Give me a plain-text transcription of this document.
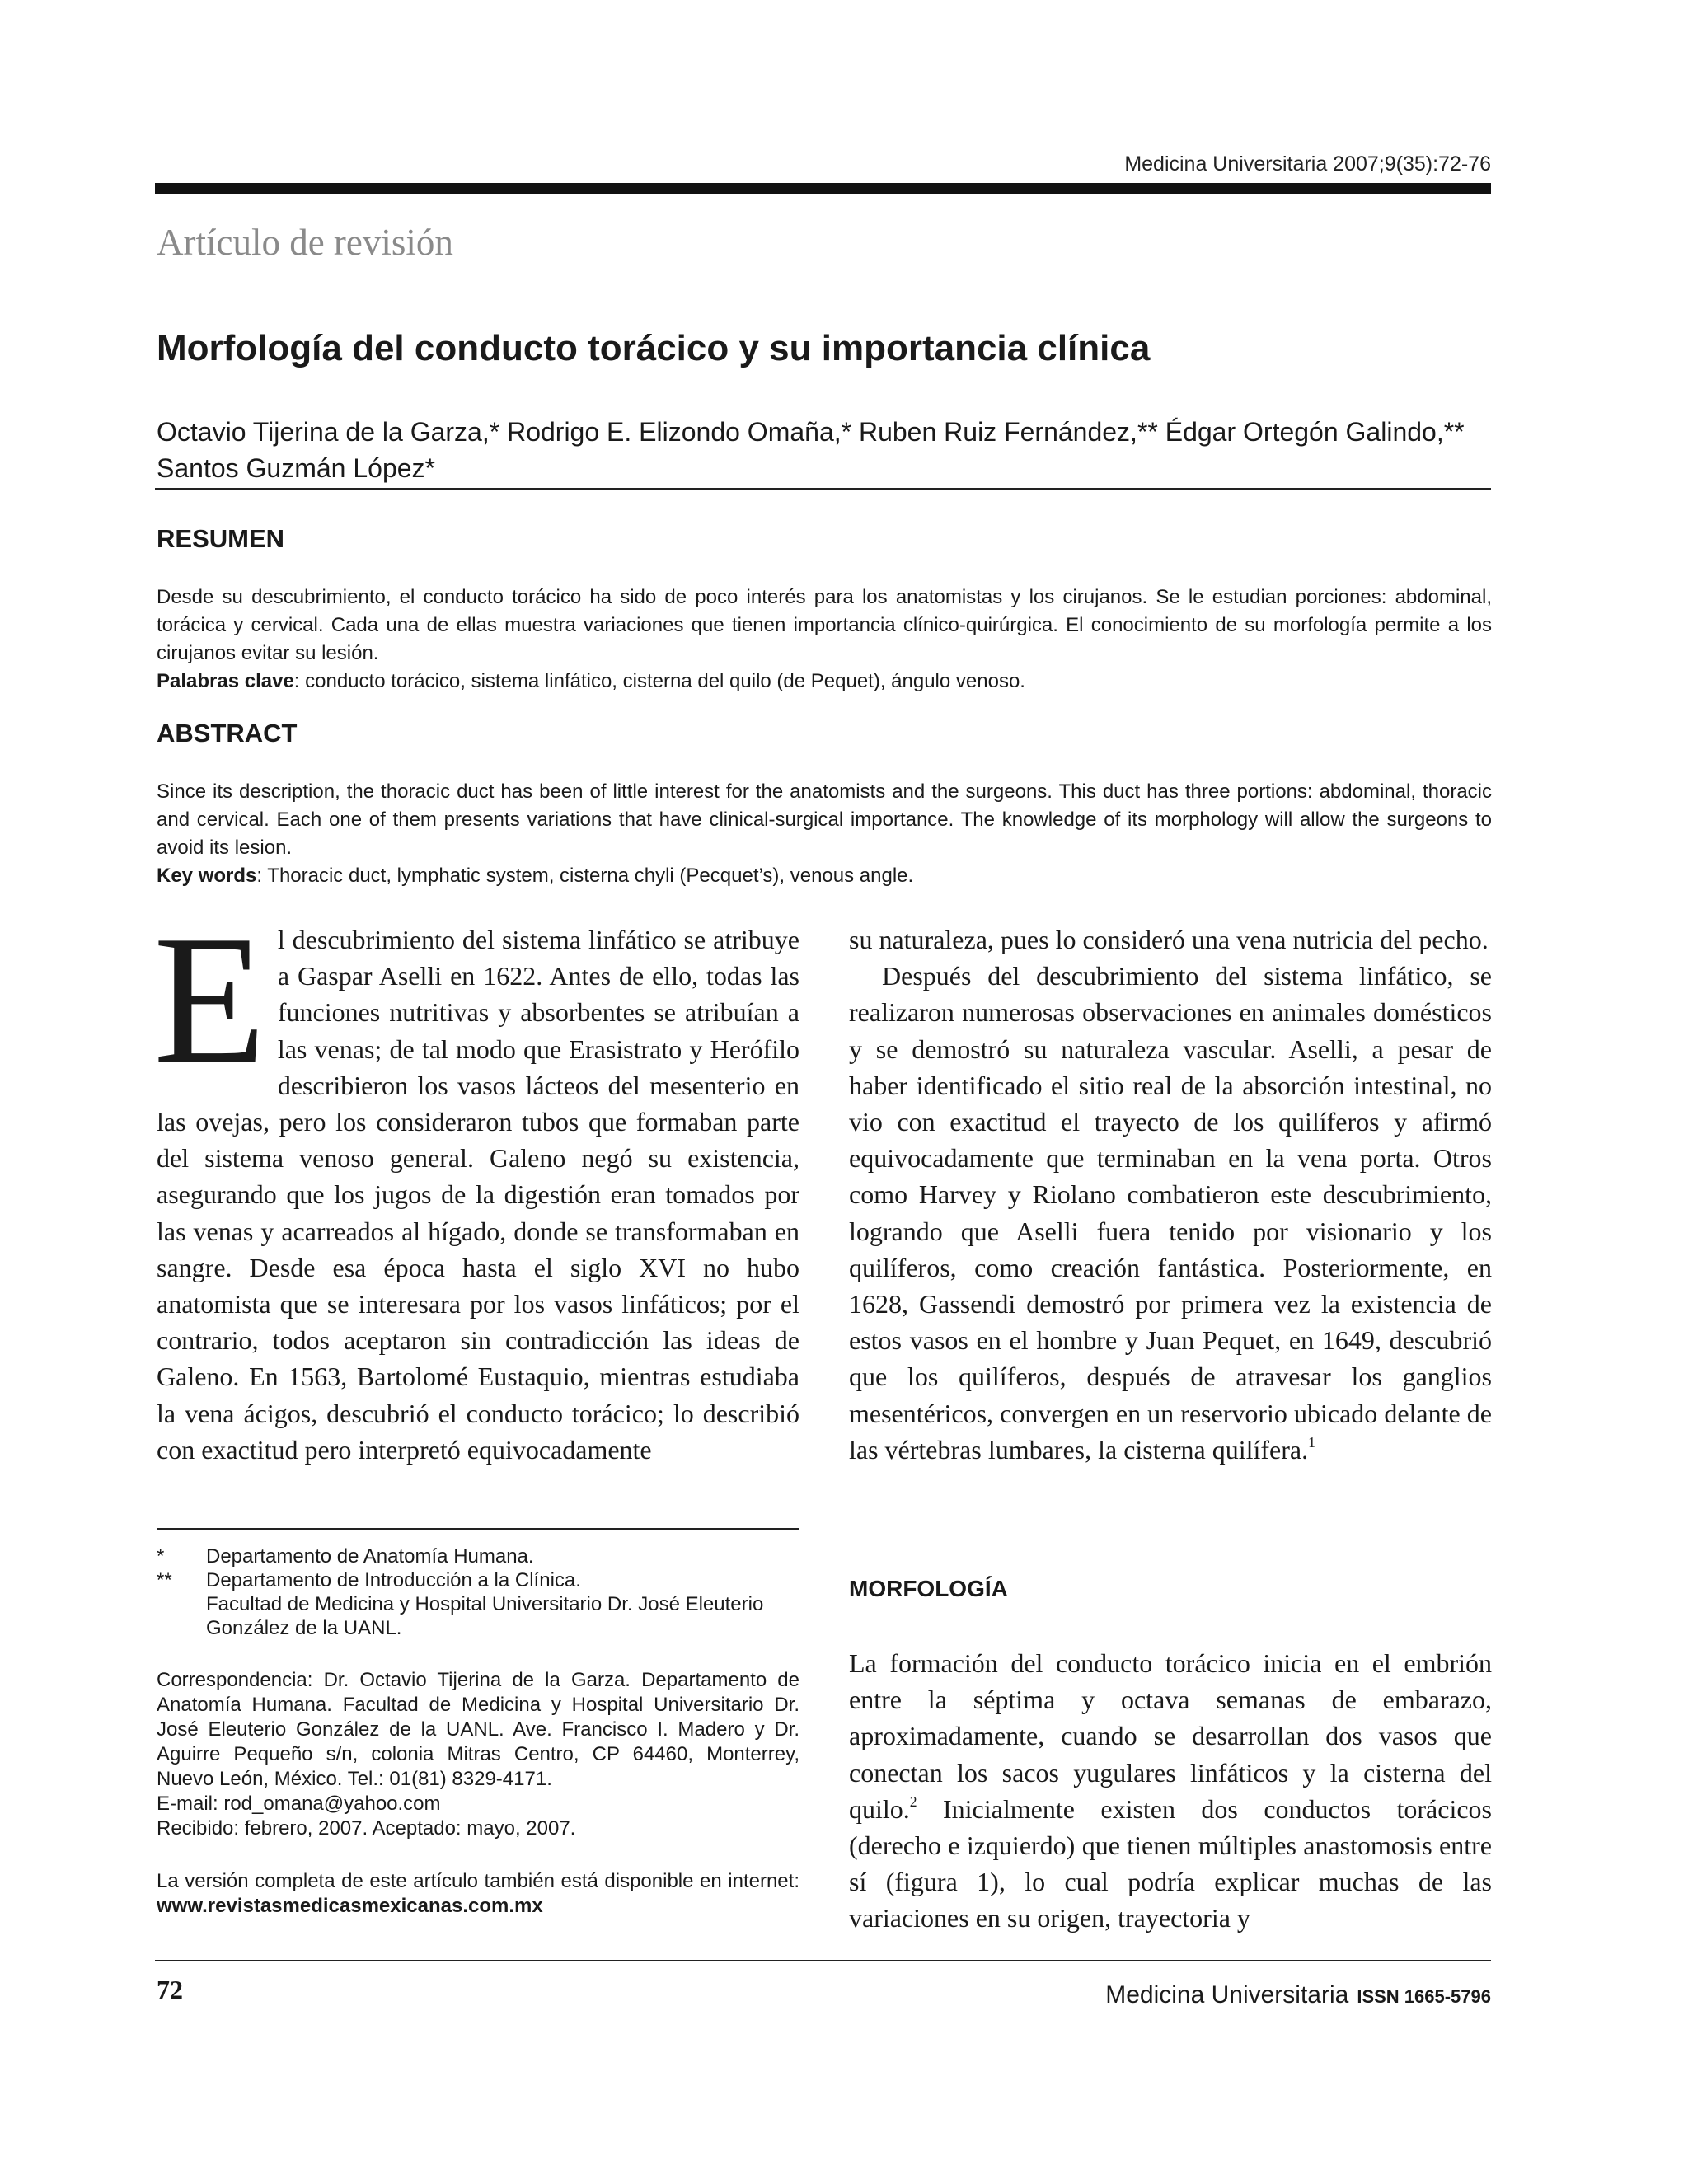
Medicina Universitaria 2007;9(35):72-76
Artículo de revisión
Morfología del conducto torácico y su importancia clínica
Octavio Tijerina de la Garza,* Rodrigo E. Elizondo Omaña,* Ruben Ruiz Fernández,** Édgar Ortegón Galindo,** Santos Guzmán López*
RESUMEN
Desde su descubrimiento, el conducto torácico ha sido de poco interés para los anatomistas y los cirujanos. Se le estudian porciones: abdominal, torácica y cervical. Cada una de ellas muestra variaciones que tienen importancia clínico-quirúrgica. El conocimiento de su morfología permite a los cirujanos evitar su lesión.
Palabras clave: conducto torácico, sistema linfático, cisterna del quilo (de Pequet), ángulo venoso.
ABSTRACT
Since its description, the thoracic duct has been of little interest for the anatomists and the surgeons. This duct has three portions: abdominal, thoracic and cervical. Each one of them presents variations that have clinical-surgical importance. The knowledge of its morphology will allow the surgeons to avoid its lesion.
Key words: Thoracic duct, lymphatic system, cisterna chyli (Pecquet’s), venous angle.

El descubrimiento del sistema linfático se atribuye a Gaspar Aselli en 1622. Antes de ello, todas las funciones nutritivas y absorbentes se atribuían a las venas; de tal modo que Erasistrato y Herófilo describieron los vasos lácteos del mesenterio en las ovejas, pero los consideraron tubos que formaban parte del sistema venoso general. Galeno negó su existencia, asegurando que los jugos de la digestión eran tomados por las venas y acarreados al hígado, donde se transformaban en sangre. Desde esa época hasta el siglo XVI no hubo anatomista que se interesara por los vasos linfáticos; por el contrario, todos aceptaron sin contradicción las ideas de Galeno. En 1563, Bartolomé Eustaquio, mientras estudiaba la vena ácigos, descubrió el conducto torácico; lo describió con exactitud pero interpretó equivocadamente

su naturaleza, pues lo consideró una vena nutricia del pecho.

Después del descubrimiento del sistema linfático, se realizaron numerosas observaciones en animales domésticos y se demostró su naturaleza vascular. Aselli, a pesar de haber identificado el sitio real de la absorción intestinal, no vio con exactitud el trayecto de los quilíferos y afirmó equivocadamente que terminaban en la vena porta. Otros como Harvey y Riolano combatieron este descubrimiento, logrando que Aselli fuera tenido por visionario y los quilíferos, como creación fantástica. Posteriormente, en 1628, Gassendi demostró por primera vez la existencia de estos vasos en el hombre y Juan Pequet, en 1649, descubrió que los quilíferos, después de atravesar los ganglios mesentéricos, convergen en un reservorio ubicado delante de las vértebras lumbares, la cisterna quilífera.$^1$

MORFOLOGÍA

La formación del conducto torácico inicia en el embrión entre la séptima y octava semanas de embarazo, aproximadamente, cuando se desarrollan dos vasos que conectan los sacos yugulares linfáticos y la cisterna del quilo.$^2$ Inicialmente existen dos conductos torácicos (derecho e izquierdo) que tienen múltiples anastomosis entre sí (figura 1), lo cual podría explicar muchas de las variaciones en su origen, trayectoria y

*	Departamento de Anatomía Humana.
**	Departamento de Introducción a la Clínica.
Facultad de Medicina y Hospital Universitario Dr. José Eleuterio González de la UANL.
Correspondencia: Dr. Octavio Tijerina de la Garza. Departamento de Anatomía Humana. Facultad de Medicina y Hospital Universitario Dr. José Eleuterio González de la UANL. Ave. Francisco I. Madero y Dr. Aguirre Pequeño s/n, colonia Mitras Centro, CP 64460, Monterrey, Nuevo León, México. Tel.: 01(81) 8329-4171.
E-mail: rod_omana@yahoo.com
Recibido: febrero, 2007. Aceptado: mayo, 2007.
La versión completa de este artículo también está disponible en internet: www.revistasmedicasmexicanas.com.mx
72	Medicina Universitaria ISSN 1665-5796
